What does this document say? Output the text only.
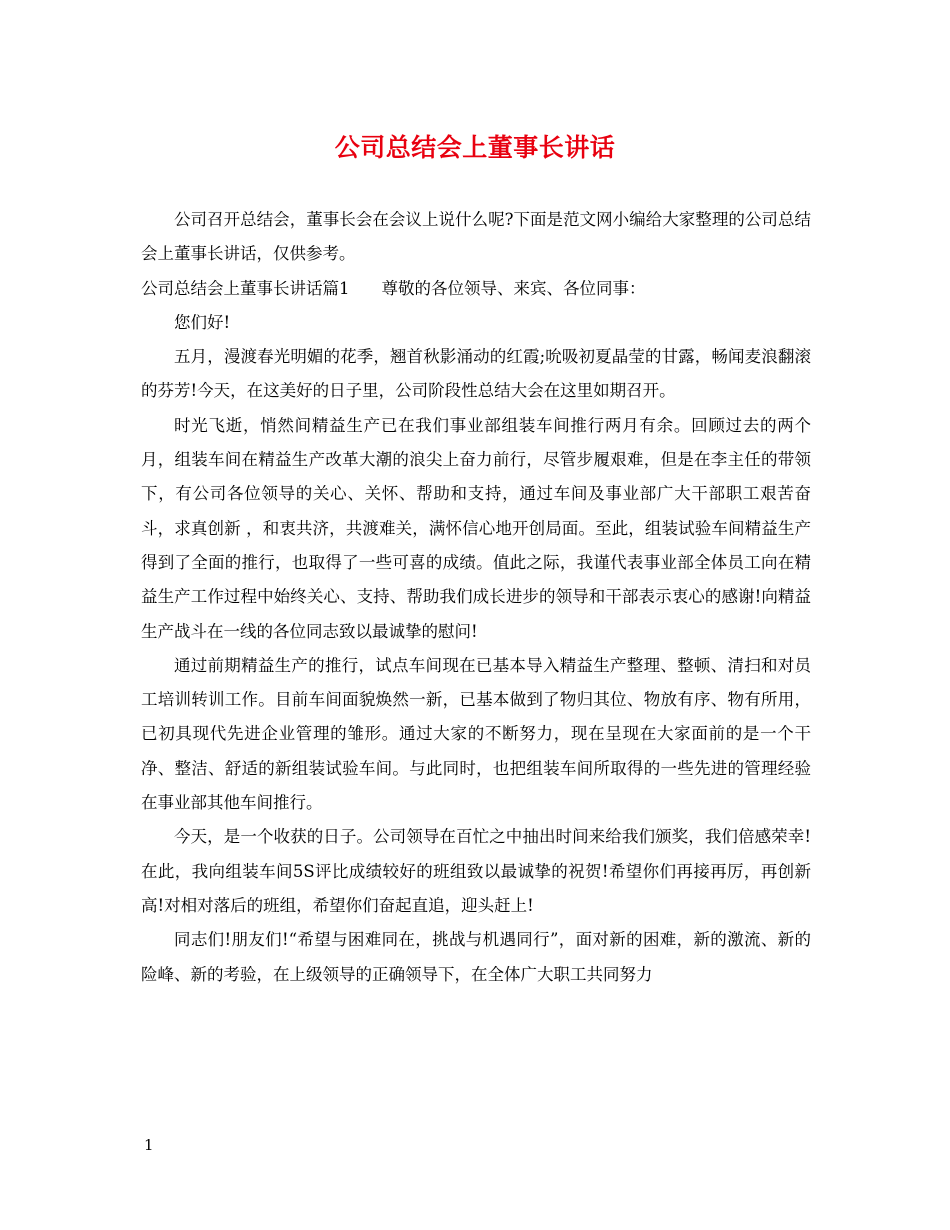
公司总结会上董事长讲话

公司召开总结会，董事长会在会议上说什么呢?下面是范文网小编给大家整理的公司总结会上董事长讲话，仅供参考。

公司总结会上董事长讲话篇1 尊敬的各位领导、来宾、各位同事：

您们好!

五月，漫渡春光明媚的花季，翘首秋影涌动的红霞;吮吸初夏晶莹的甘露，畅闻麦浪翻滚的芬芳!今天，在这美好的日子里，公司阶段性总结大会在这里如期召开。

时光飞逝，悄然间精益生产已在我们事业部组装车间推行两月有余。回顾过去的两个月，组装车间在精益生产改革大潮的浪尖上奋力前行，尽管步履艰难，但是在李主任的带领下，有公司各位领导的关心、关怀、帮助和支持，通过车间及事业部广大干部职工艰苦奋斗，求真创新 ，和衷共济，共渡难关，满怀信心地开创局面。至此，组装试验车间精益生产得到了全面的推行，也取得了一些可喜的成绩。值此之际，我谨代表事业部全体员工向在精益生产工作过程中始终关心、支持、帮助我们成长进步的领导和干部表示衷心的感谢!向精益生产战斗在一线的各位同志致以最诚挚的慰问!

通过前期精益生产的推行，试点车间现在已基本导入精益生产整理、整顿、清扫和对员工培训转训工作。目前车间面貌焕然一新，已基本做到了物归其位、物放有序、物有所用，已初具现代先进企业管理的雏形。通过大家的不断努力，现在呈现在大家面前的是一个干净、整洁、舒适的新组装试验车间。与此同时，也把组装车间所取得的一些先进的管理经验在事业部其他车间推行。

今天，是一个收获的日子。公司领导在百忙之中抽出时间来给我们颁奖，我们倍感荣幸!在此，我向组装车间5S评比成绩较好的班组致以最诚挚的祝贺!希望你们再接再厉，再创新高!对相对落后的班组，希望你们奋起直追，迎头赶上!

同志们!朋友们!“希望与困难同在，挑战与机遇同行”，面对新的困难，新的激流、新的险峰、新的考验，在上级领导的正确领导下，在全体广大职工共同努力

1
